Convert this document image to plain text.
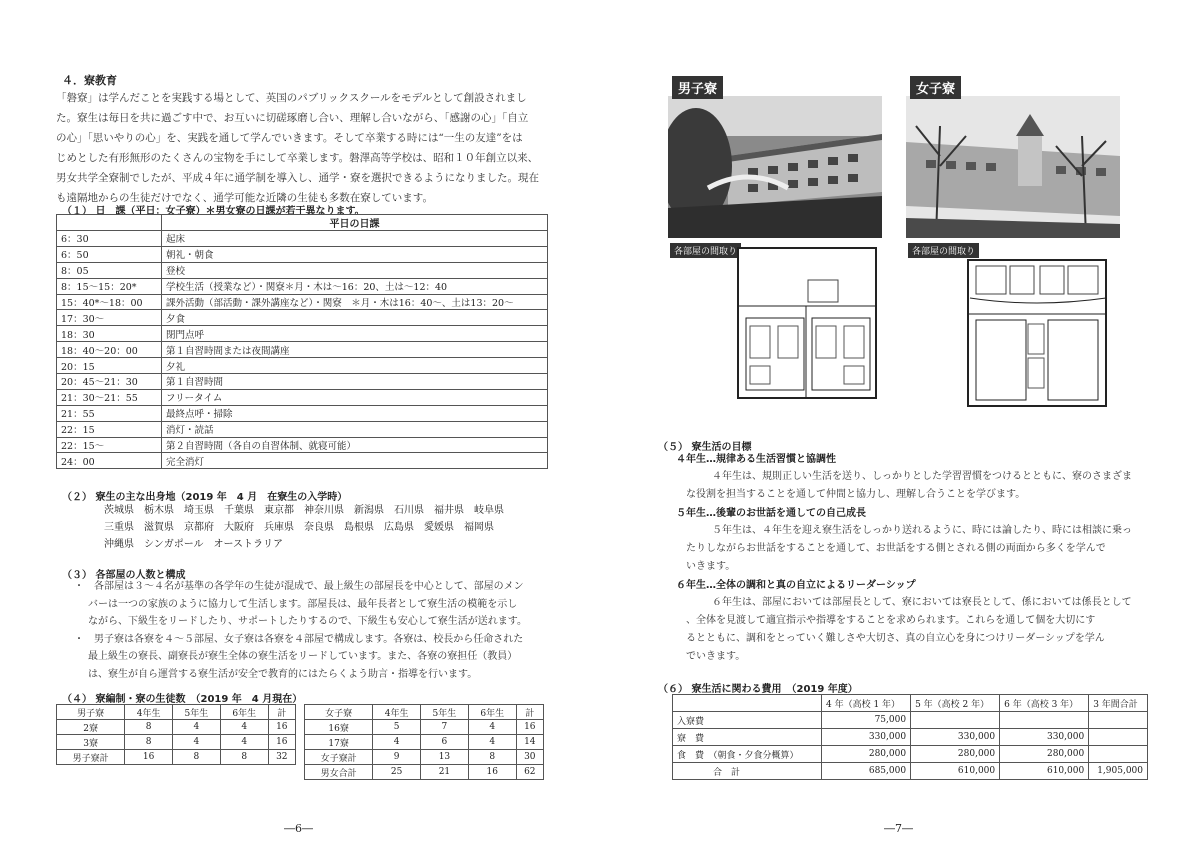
４．寮教育
「磐寮」は学んだことを実践する場として、英国のパブリックスクールをモデルとして創設されまし
た。寮生は毎日を共に過ごす中で、お互いに切磋琢磨し合い、理解し合いながら、「感謝の心」「自立
の心」「思いやりの心」を、実践を通して学んでいきます。そして卒業する時には“一生の友達”をは
じめとした有形無形のたくさんの宝物を手にして卒業します。磐澤高等学校は、昭和１０年創立以来、
男女共学全寮制でしたが、平成４年に通学制を導入し、通学・寮を選択できるようになりました。現在
も遠隔地からの生徒だけでなく、通学可能な近隣の生徒も多数在寮しています。
（１） 日　課（平日：女子寮）＊男女寮の日課が若干異なります。
	平日の日課
6：30	起床
6：50	朝礼・朝食
8：05	登校
8：15～15：20*	学校生活（授業など）・関寮＊月・木は～16：20、土は～12：40
15：40*～18：00	課外活動（部活動・課外講座など）・関寮　＊月・木は16：40～、土は13：20～
17：30～	夕食
18：30	閉門点呼
18：40～20：00	第１自習時間または夜間講座
20：15	夕礼
20：45～21：30	第１自習時間
21：30～21：55	フリータイム
21：55	最終点呼・掃除
22：15	消灯・読話
22：15～	第２自習時間（各自の自習体制、就寝可能）
24：00	完全消灯
（２） 寮生の主な出身地（2019 年　4 月　在寮生の入学時）
茨城県　栃木県　埼玉県　千葉県　東京都　神奈川県　新潟県　石川県　福井県　岐阜県
三重県　滋賀県　京都府　大阪府　兵庫県　奈良県　島根県　広島県　愛媛県　福岡県
沖縄県　シンガポール　オーストラリア
（３） 各部屋の人数と構成
・　各部屋は３～４名が基準の各学年の生徒が混成で、最上級生の部屋長を中心として、部屋のメン
バーは一つの家族のように協力して生活します。部屋長は、最年長者として寮生活の模範を示し
ながら、下級生をリードしたり、サポートしたりするので、下級生も安心して寮生活が送れます。
・　男子寮は各寮を４～５部屋、女子寮は各寮を４部屋で構成します。各寮は、校長から任命された
最上級生の寮長、副寮長が寮生全体の寮生活をリードしています。また、各寮の寮担任（教員）
は、寮生が自ら運営する寮生活が安全で教育的にはたらくよう助言・指導を行います。
（４） 寮編制・寮の生徒数　（2019 年　4 月現在）
男子寮	4年生	5年生	6年生	計
2寮	8	4	4	16
3寮	8	4	4	16
男子寮計	16	8	8	32
女子寮	4年生	5年生	6年生	計
16寮	5	7	4	16
17寮	4	6	4	14
女子寮計	9	13	8	30
男女合計	25	21	16	62
―6―
男子寮	女子寮
各部屋の間取り	各部屋の間取り
（５） 寮生活の目標
４年生…規律ある生活習慣と協調性
４年生は、規則正しい生活を送り、しっかりとした学習習慣をつけるとともに、寮のさまざま
な役割を担当することを通して仲間と協力し、理解し合うことを学びます。
５年生…後輩のお世話を通しての自己成長
５年生は、４年生を迎え寮生活をしっかり送れるように、時には論したり、時には相談に乗っ
たりしながらお世話をすることを通して、お世話をする側とされる側の両面から多くを学んで
いきます。
６年生…全体の調和と真の自立によるリーダーシップ
６年生は、部屋においては部屋長として、寮においては寮長として、係においては係長として
、全体を見渡して適宜指示や指導をすることを求められます。これらを通して個を大切にす
るとともに、調和をとっていく難しさや大切さ、真の自立心を身につけリーダーシップを学ん
でいきます。
（６） 寮生活に関わる費用　（2019 年度）
	4 年（高校 1 年）	5 年（高校 2 年）	6 年（高校 3 年）	3 年間合計
入寮費	75,000			
寮　費	330,000	330,000	330,000	
食　費　（朝食・夕食分概算）	280,000	280,000	280,000	
合　計	685,000	610,000	610,000	1,905,000
―7―
